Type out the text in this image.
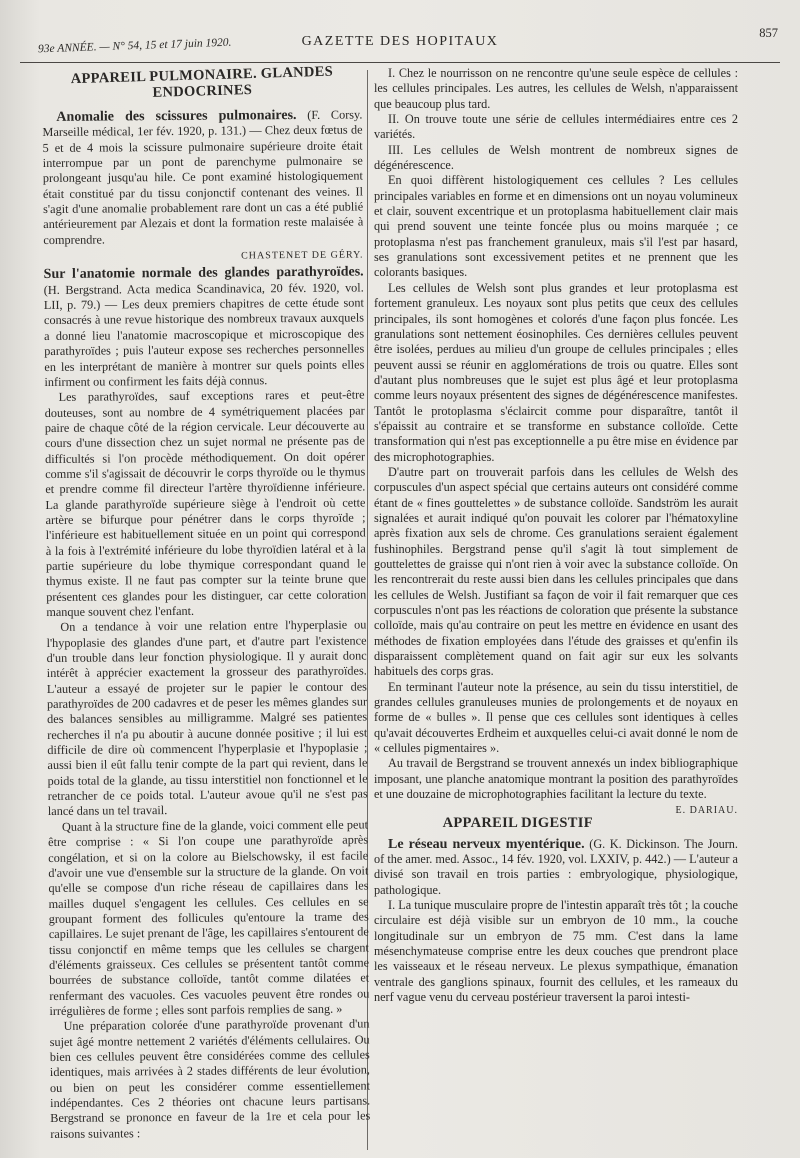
93e ANNÉE. — N° 54, 15 et 17 juin 1920.	GAZETTE DES HOPITAUX
857
APPAREIL PULMONAIRE. GLANDES ENDOCRINES

Anomalie des scissures pulmonaires. (F. Corsy. Marseille médical, 1er fév. 1920, p. 131.) — Chez deux fœtus de 5 et de 4 mois la scissure pulmonaire supérieure droite était interrompue par un pont de parenchyme pulmonaire se prolongeant jusqu'au hile. Ce pont examiné histologiquement était constitué par du tissu conjonctif contenant des veines. Il s'agit d'une anomalie probablement rare dont un cas a été publié antérieurement par Alezais et dont la formation reste malaisée à comprendre.

CHASTENET DE GÉRY.

Sur l'anatomie normale des glandes parathyroïdes. (H. Bergstrand. Acta medica Scandinavica, 20 fév. 1920, vol. LII, p. 79.) — Les deux premiers chapitres de cette étude sont consacrés à une revue historique des nombreux travaux auxquels a donné lieu l'anatomie macroscopique et microscopique des parathyroïdes ; puis l'auteur expose ses recherches personnelles en les interprétant de manière à montrer sur quels points elles infirment ou confirment les faits déjà connus.

Les parathyroïdes, sauf exceptions rares et peut-être douteuses, sont au nombre de 4 symétriquement placées par paire de chaque côté de la région cervicale. Leur découverte au cours d'une dissection chez un sujet normal ne présente pas de difficultés si l'on procède méthodiquement. On doit opérer comme s'il s'agissait de découvrir le corps thyroïde ou le thymus et prendre comme fil directeur l'artère thyroïdienne inférieure. La glande parathyroïde supérieure siège à l'endroit où cette artère se bifurque pour pénétrer dans le corps thyroïde ; l'inférieure est habituellement située en un point qui correspond à la fois à l'extrémité inférieure du lobe thyroïdien latéral et à la partie supérieure du lobe thymique correspondant quand le thymus existe. Il ne faut pas compter sur la teinte brune que présentent ces glandes pour les distinguer, car cette coloration manque souvent chez l'enfant.

On a tendance à voir une relation entre l'hyperplasie ou l'hypoplasie des glandes d'une part, et d'autre part l'existence d'un trouble dans leur fonction physiologique. Il y aurait donc intérêt à apprécier exactement la grosseur des parathyroïdes. L'auteur a essayé de projeter sur le papier le contour des parathyroïdes de 200 cadavres et de peser les mêmes glandes sur des balances sensibles au milligramme. Malgré ses patientes recherches il n'a pu aboutir à aucune donnée positive ; il lui est difficile de dire où commencent l'hyperplasie et l'hypoplasie ; aussi bien il eût fallu tenir compte de la part qui revient, dans le poids total de la glande, au tissu interstitiel non fonctionnel et le retrancher de ce poids total. L'auteur avoue qu'il ne s'est pas lancé dans un tel travail.

Quant à la structure fine de la glande, voici comment elle peut être comprise : « Si l'on coupe une parathyroïde après congélation, et si on la colore au Bielschowsky, il est facile d'avoir une vue d'ensemble sur la structure de la glande. On voit qu'elle se compose d'un riche réseau de capillaires dans les mailles duquel s'engagent les cellules. Ces cellules en se groupant forment des follicules qu'entoure la trame des capillaires. Le sujet prenant de l'âge, les capillaires s'entourent de tissu conjonctif en même temps que les cellules se chargent d'éléments graisseux. Ces cellules se présentent tantôt comme bourrées de substance colloïde, tantôt comme dilatées et renfermant des vacuoles. Ces vacuoles peuvent être rondes ou irrégulières de forme ; elles sont parfois remplies de sang. »

Une préparation colorée d'une parathyroïde provenant d'un sujet âgé montre nettement 2 variétés d'éléments cellulaires. Ou bien ces cellules peuvent être considérées comme des cellules identiques, mais arrivées à 2 stades différents de leur évolution, ou bien on peut les considérer comme essentiellement indépendantes. Ces 2 théories ont chacune leurs partisans. Bergstrand se prononce en faveur de la 1re et cela pour les raisons suivantes :

I. Chez le nourrisson on ne rencontre qu'une seule espèce de cellules : les cellules principales. Les autres, les cellules de Welsh, n'apparaissent que beaucoup plus tard.

II. On trouve toute une série de cellules intermédiaires entre ces 2 variétés.

III. Les cellules de Welsh montrent de nombreux signes de dégénérescence.

En quoi diffèrent histologiquement ces cellules ? Les cellules principales variables en forme et en dimensions ont un noyau volumineux et clair, souvent excentrique et un protoplasma habituellement clair mais qui prend souvent une teinte foncée plus ou moins marquée ; ce protoplasma n'est pas franchement granuleux, mais s'il l'est par hasard, ses granulations sont excessivement petites et ne prennent que les colorants basiques.

Les cellules de Welsh sont plus grandes et leur protoplasma est fortement granuleux. Les noyaux sont plus petits que ceux des cellules principales, ils sont homogènes et colorés d'une façon plus foncée. Les granulations sont nettement éosinophiles. Ces dernières cellules peuvent être isolées, perdues au milieu d'un groupe de cellules principales ; elles peuvent aussi se réunir en agglomérations de trois ou quatre. Elles sont d'autant plus nombreuses que le sujet est plus âgé et leur protoplasma comme leurs noyaux présentent des signes de dégénérescence manifestes. Tantôt le protoplasma s'éclaircit comme pour disparaître, tantôt il s'épaissit au contraire et se transforme en substance colloïde. Cette transformation qui n'est pas exceptionnelle a pu être mise en évidence par des microphotographies.

D'autre part on trouverait parfois dans les cellules de Welsh des corpuscules d'un aspect spécial que certains auteurs ont considéré comme étant de « fines gouttelettes » de substance colloïde. Sandström les aurait signalées et aurait indiqué qu'on pouvait les colorer par l'hématoxyline après fixation aux sels de chrome. Ces granulations seraient également fushinophiles. Bergstrand pense qu'il s'agit là tout simplement de gouttelettes de graisse qui n'ont rien à voir avec la substance colloïde. On les rencontrerait du reste aussi bien dans les cellules principales que dans les cellules de Welsh. Justifiant sa façon de voir il fait remarquer que ces corpuscules n'ont pas les réactions de coloration que présente la substance colloïde, mais qu'au contraire on peut les mettre en évidence en usant des méthodes de fixation employées dans l'étude des graisses et qu'enfin ils disparaissent complètement quand on fait agir sur eux les solvants habituels des corps gras.

En terminant l'auteur note la présence, au sein du tissu interstitiel, de grandes cellules granuleuses munies de prolongements et de noyaux en forme de « bulles ». Il pense que ces cellules sont identiques à celles qu'avait découvertes Erdheim et auxquelles celui-ci avait donné le nom de « cellules pigmentaires ».

Au travail de Bergstrand se trouvent annexés un index bibliographique imposant, une planche anatomique montrant la position des parathyroïdes et une douzaine de microphotographies facilitant la lecture du texte.
E. DARIAU.

APPAREIL DIGESTIF

Le réseau nerveux myentérique. (G. K. Dickinson. The Journ. of the amer. med. Assoc., 14 fév. 1920, vol. LXXIV, p. 442.) — L'auteur a divisé son travail en trois parties : embryologique, physiologique, pathologique.

I. La tunique musculaire propre de l'intestin apparaît très tôt ; la couche circulaire est déjà visible sur un embryon de 10 mm., la couche longitudinale sur un embryon de 75 mm. C'est dans la lame mésenchymateuse comprise entre les deux couches que prendront place les vaisseaux et le réseau nerveux. Le plexus sympathique, émanation ventrale des ganglions spinaux, fournit des cellules, et les rameaux du nerf vague venu du cerveau postérieur traversent la paroi intesti-
